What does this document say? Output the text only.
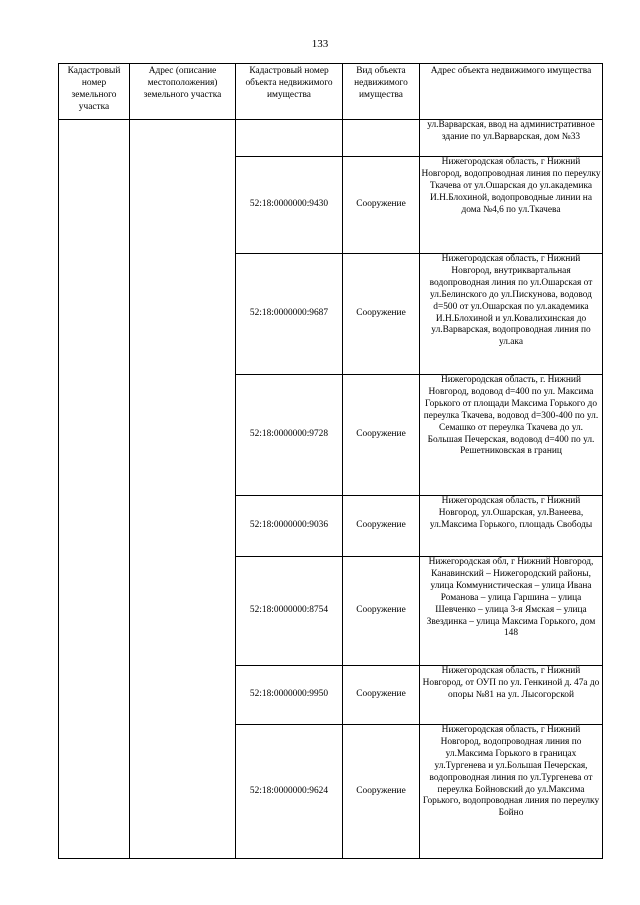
133
Кадастровый номер земельного участка	Адрес (описание местоположения) земельного участка	Кадастровый номер объекта недвижимого имущества	Вид объекта недвижимого имущества	Адрес объекта недвижимого имущества
				ул.Варварская, ввод на административное здание по ул.Варварская, дом №33
		52:18:0000000:9430	Сооружение	Нижегородская область, г Нижний Новгород, водопроводная линия по переулку Ткачева от ул.Ошарская до ул.академика И.Н.Блохиной, водопроводные линии на дома №4,6 по ул.Ткачева
		52:18:0000000:9687	Сооружение	Нижегородская область, г Нижний Новгород, внутриквартальная водопроводная линия по ул.Ошарская от ул.Белинского до ул.Пискунова, водовод d=500 от ул.Ошарская по ул.академика И.Н.Блохиной и ул.Ковалихинская до ул.Варварская, водопроводная линия по ул.ака
		52:18:0000000:9728	Сооружение	Нижегородская область, г. Нижний Новгород, водовод d=400 по ул. Максима Горького от площади Максима Горького до переулка Ткачева, водовод d=300-400 по ул. Семашко от переулка Ткачева до ул. Большая Печерская, водовод d=400 по ул. Решетниковская в границ
		52:18:0000000:9036	Сооружение	Нижегородская область, г Нижний Новгород, ул.Ошарская, ул.Ванеева, ул.Максима Горького, площадь Свободы
		52:18:0000000:8754	Сооружение	Нижегородская обл, г Нижний Новгород, Канавинский – Нижегородский районы, улица Коммунистическая – улица Ивана Романова – улица Гаршина – улица Шевченко – улица 3-я Ямская – улица Звездинка – улица Максима Горького, дом 148
		52:18:0000000:9950	Сооружение	Нижегородская область, г Нижний Новгород, от ОУП по ул. Генкиной д. 47а до опоры №81 на ул. Лысогорской
		52:18:0000000:9624	Сооружение	Нижегородская область, г Нижний Новгород, водопроводная линия по ул.Максима Горького в границах ул.Тургенева и ул.Большая Печерская, водопроводная линия по ул.Тургенева от переулка Бойновский до ул.Максима Горького, водопроводная линия по переулку Бойно
